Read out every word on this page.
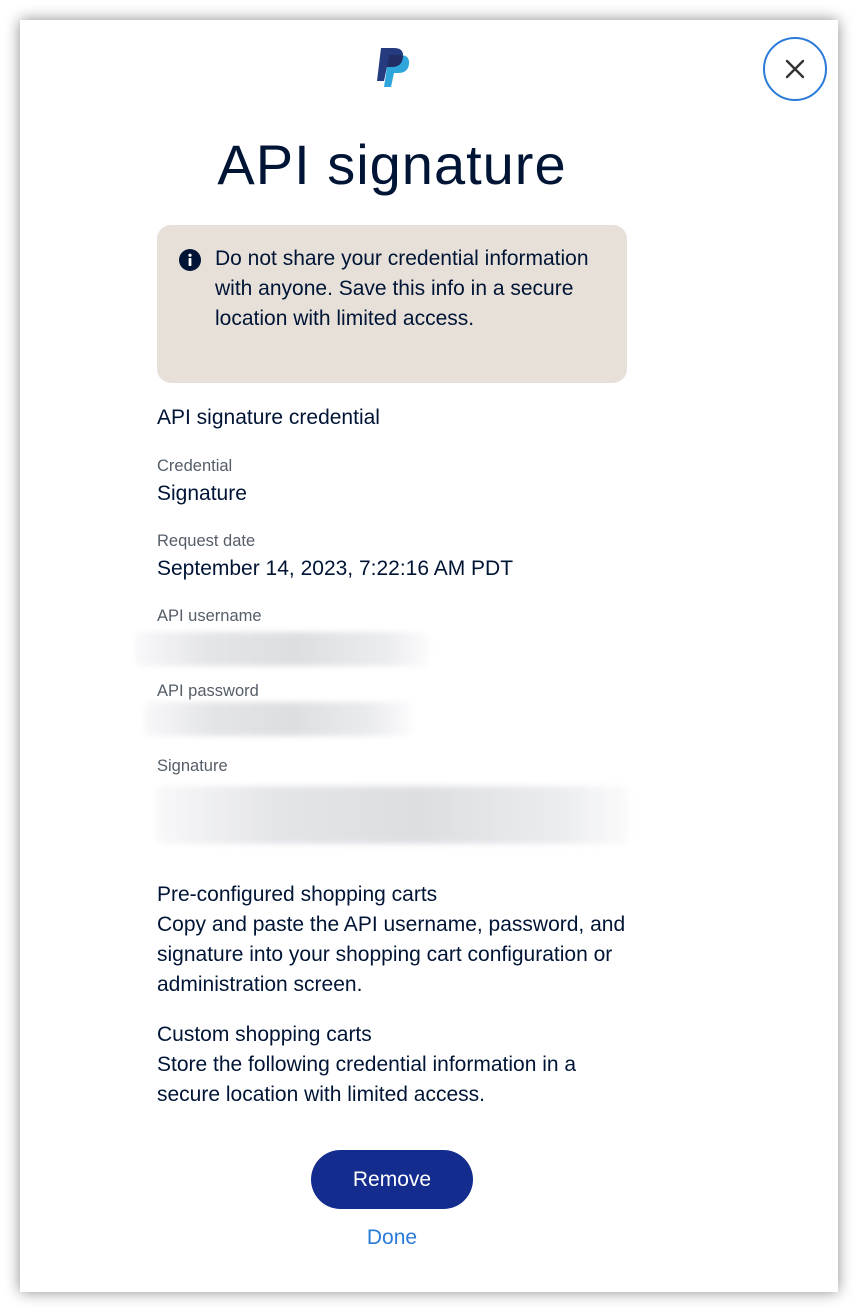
API signature
Do not share your credential information with anyone. Save this info in a secure location with limited access.
API signature credential
Credential
Signature
Request date
September 14, 2023, 7:22:16 AM PDT
API username
API password
Signature
Pre-configured shopping carts
Copy and paste the API username, password, and signature into your shopping cart configuration or administration screen.
Custom shopping carts
Store the following credential information in a secure location with limited access.
Remove
Done
